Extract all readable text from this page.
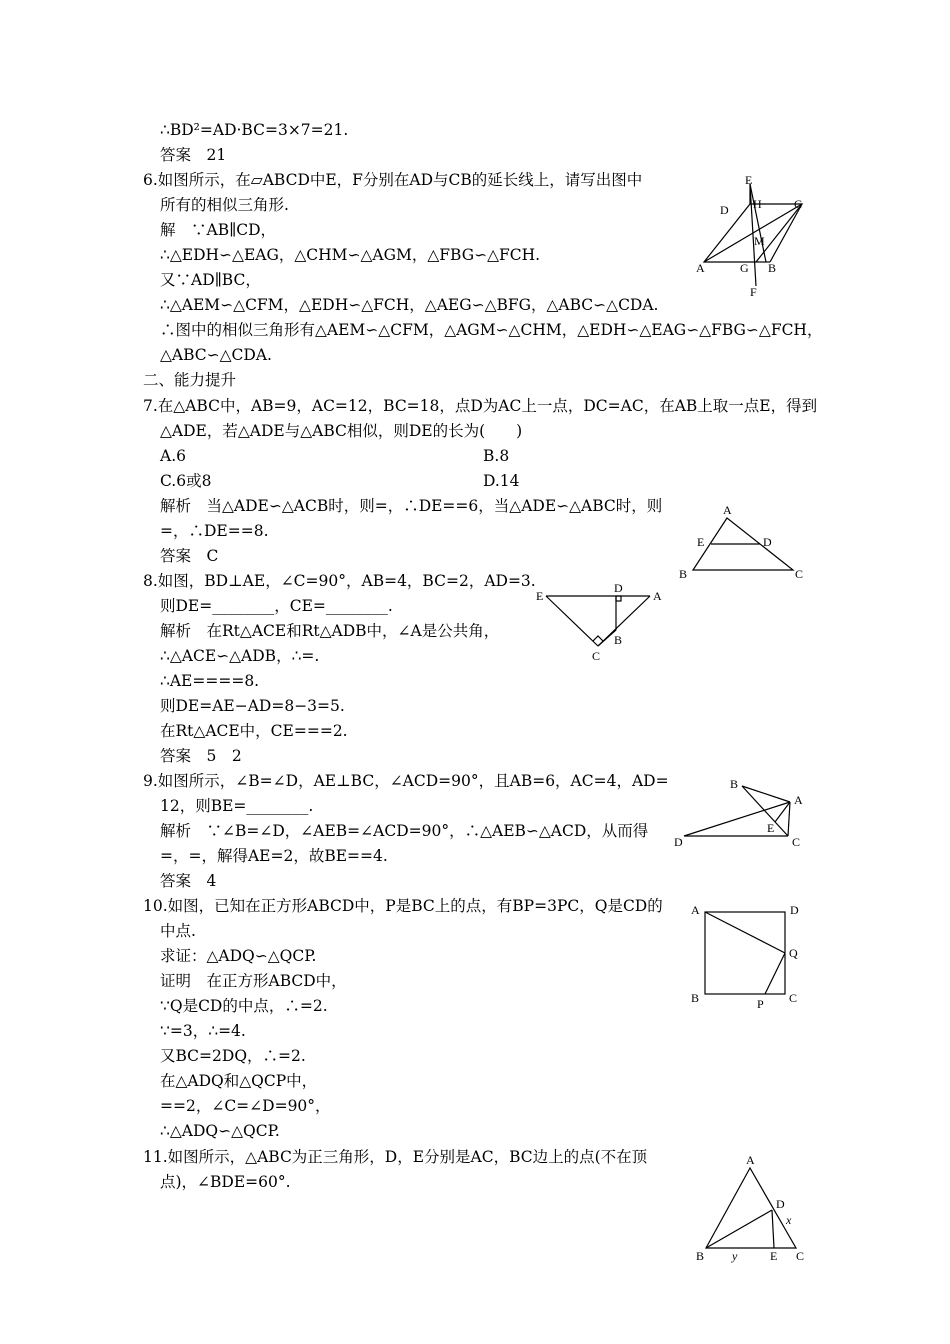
∴BD²=AD·BC=3×7=21.
答案　21
6.如图所示，在▱ABCD中E，F分别在AD与CB的延长线上，请写出图中
所有的相似三角形.
解　∵AB∥CD，
∴△EDH∽△EAG，△CHM∽△AGM，△FBG∽△FCH.
又∵AD∥BC，
∴△AEM∽△CFM，△EDH∽△FCH，△AEG∽△BFG，△ABC∽△CDA.
∴图中的相似三角形有△AEM∽△CFM，△AGM∽△CHM，△EDH∽△EAG∽△FBG∽△FCH，
△ABC∽△CDA.
二、能力提升
7.在△ABC中，AB=9，AC=12，BC=18，点D为AC上一点，DC=AC，在AB上取一点E，得到
△ADE，若△ADE与△ABC相似，则DE的长为(　　)
A.6	B.8
C.6或8	D.14
解析　当△ADE∽△ACB时，则=，∴DE==6，当△ADE∽△ABC时，则
=，∴DE==8.
答案　C
8.如图，BD⊥AE，∠C=90°，AB=4，BC=2，AD=3.
则DE=________，CE=________.
解析　在Rt△ACE和Rt△ADB中，∠A是公共角，
∴△ACE∽△ADB，∴=.
∴AE====8.
则DE=AE−AD=8−3=5.
在Rt△ACE中，CE===2.
答案　5　2
9.如图所示，∠B=∠D，AE⊥BC，∠ACD=90°，且AB=6，AC=4，AD=
12，则BE=________.
解析　∵∠B=∠D，∠AEB=∠ACD=90°，∴△AEB∽△ACD，从而得
=，=，解得AE=2，故BE==4.
答案　4
10.如图，已知在正方形ABCD中，P是BC上的点，有BP=3PC，Q是CD的
中点.
求证：△ADQ∽△QCP.
证明　在正方形ABCD中，
∵Q是CD的中点，∴=2.
∵=3，∴=4.
又BC=2DQ，∴=2.
在△ADQ和△QCP中，
==2，∠C=∠D=90°，
∴△ADQ∽△QCP.
11.如图所示，△ABC为正三角形，D，E分别是AC，BC边上的点(不在顶
点)，∠BDE=60°.
E
D H	C
M
A	G B
F
A
E	D
B	C
E
D
A
B
C
B
A
E
D	C
A	D
Q
B	P C
A
D
x
B y	E C
